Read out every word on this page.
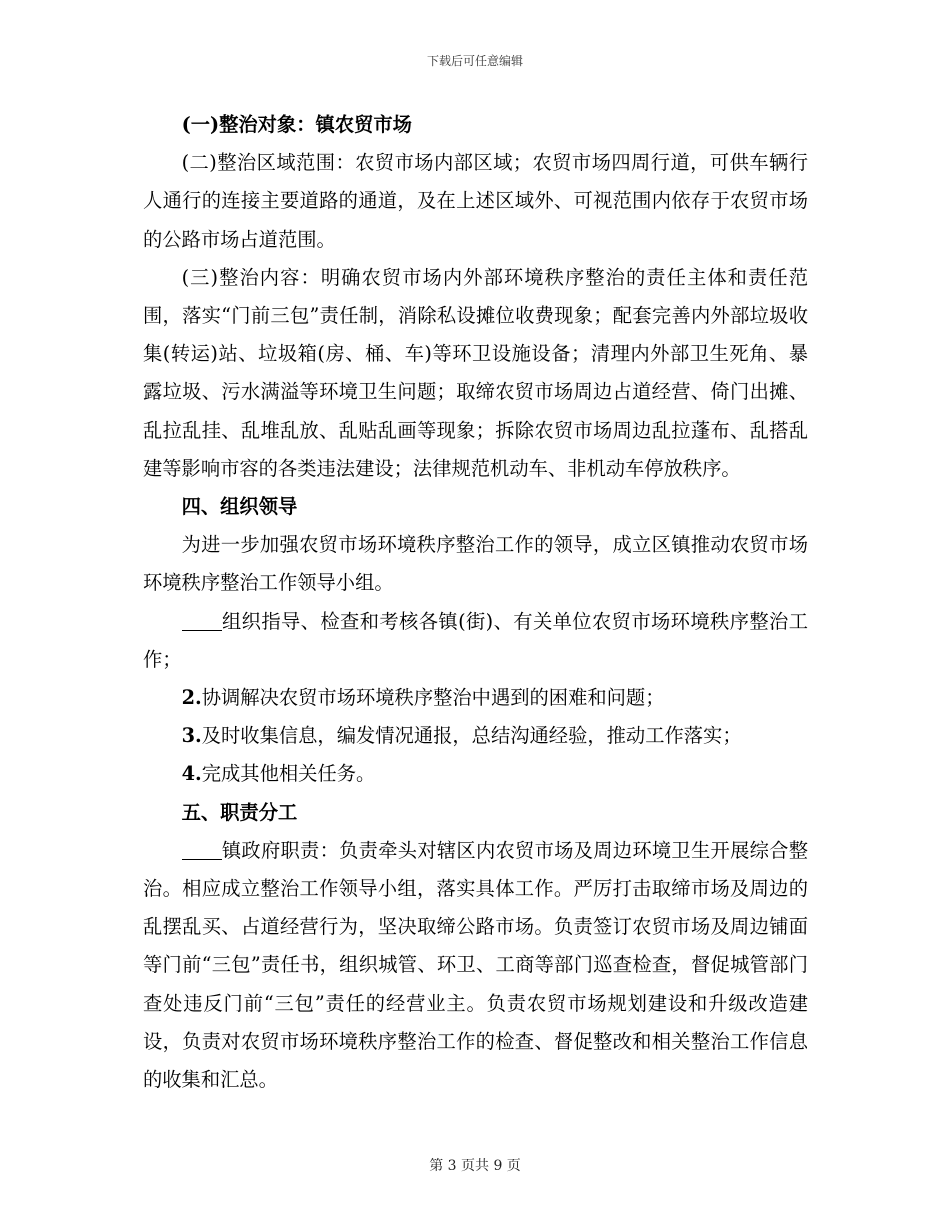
下载后可任意编辑

(一)整治对象：镇农贸市场

(二)整治区域范围：农贸市场内部区域；农贸市场四周行道，可供车辆行人通行的连接主要道路的通道，及在上述区域外、可视范围内依存于农贸市场的公路市场占道范围。

(三)整治内容：明确农贸市场内外部环境秩序整治的责任主体和责任范围，落实“门前三包”责任制，消除私设摊位收费现象；配套完善内外部垃圾收集(转运)站、垃圾箱(房、桶、车)等环卫设施设备；清理内外部卫生死角、暴露垃圾、污水满溢等环境卫生问题；取缔农贸市场周边占道经营、倚门出摊、乱拉乱挂、乱堆乱放、乱贴乱画等现象；拆除农贸市场周边乱拉蓬布、乱搭乱建等影响市容的各类违法建设；法律规范机动车、非机动车停放秩序。

四、组织领导

为进一步加强农贸市场环境秩序整治工作的领导，成立区镇推动农贸市场环境秩序整治工作领导小组。

组织指导、检查和考核各镇(街)、有关单位农贸市场环境秩序整治工作；

2.协调解决农贸市场环境秩序整治中遇到的困难和问题；

3.及时收集信息，编发情况通报，总结沟通经验，推动工作落实；

4.完成其他相关任务。

五、职责分工

镇政府职责：负责牵头对辖区内农贸市场及周边环境卫生开展综合整治。相应成立整治工作领导小组，落实具体工作。严厉打击取缔市场及周边的乱摆乱买、占道经营行为，坚决取缔公路市场。负责签订农贸市场及周边铺面等门前“三包”责任书，组织城管、环卫、工商等部门巡查检查，督促城管部门查处违反门前“三包”责任的经营业主。负责农贸市场规划建设和升级改造建设，负责对农贸市场环境秩序整治工作的检查、督促整改和相关整治工作信息的收集和汇总。

第 3 页共 9 页
